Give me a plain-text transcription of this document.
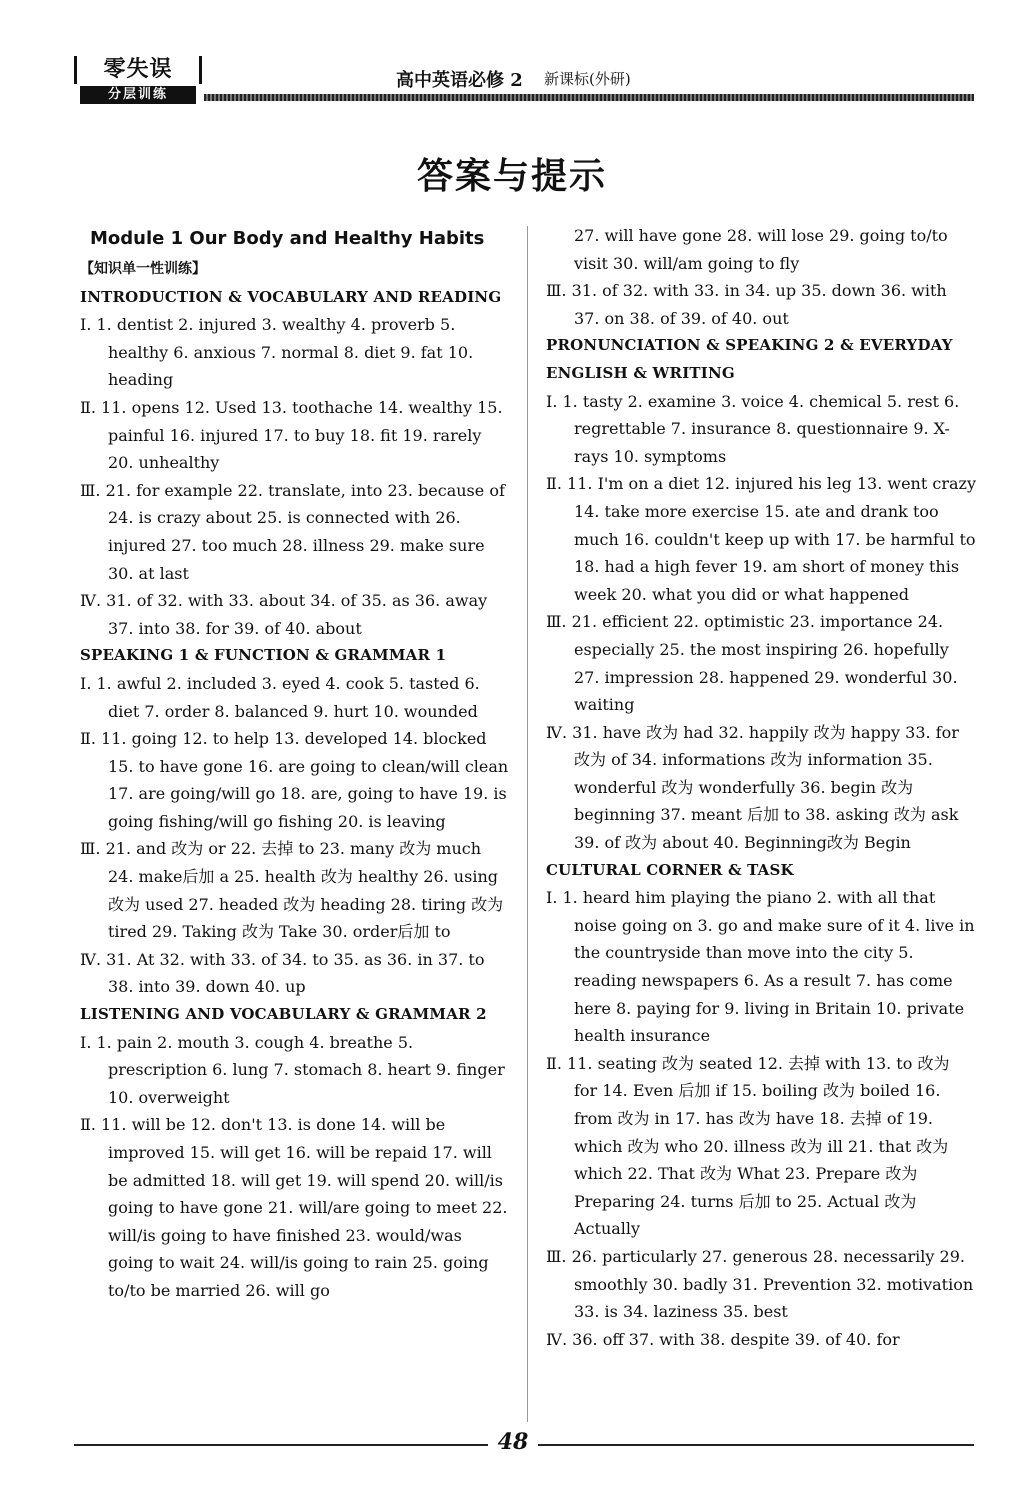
零失误
分层训练
高中英语必修 2 新课标(外研)
答案与提示
Module 1 Our Body and Healthy Habits
【知识单一性训练】
INTRODUCTION & VOCABULARY AND READING
Ⅰ. 1. dentist 2. injured 3. wealthy 4. proverb 5. healthy 6. anxious 7. normal 8. diet 9. fat 10. heading
Ⅱ. 11. opens 12. Used 13. toothache 14. wealthy 15. painful 16. injured 17. to buy 18. fit 19. rarely 20. unhealthy
Ⅲ. 21. for example 22. translate, into 23. because of 24. is crazy about 25. is connected with 26. injured 27. too much 28. illness 29. make sure 30. at last
Ⅳ. 31. of 32. with 33. about 34. of 35. as 36. away 37. into 38. for 39. of 40. about
SPEAKING 1 & FUNCTION & GRAMMAR 1
Ⅰ. 1. awful 2. included 3. eyed 4. cook 5. tasted 6. diet 7. order 8. balanced 9. hurt 10. wounded
Ⅱ. 11. going 12. to help 13. developed 14. blocked 15. to have gone 16. are going to clean/will clean 17. are going/will go 18. are, going to have 19. is going fishing/will go fishing 20. is leaving
Ⅲ. 21. and 改为 or 22. 去掉 to 23. many 改为 much 24. make后加 a 25. health 改为 healthy 26. using 改为 used 27. headed 改为 heading 28. tiring 改为 tired 29. Taking 改为 Take 30. order后加 to
Ⅳ. 31. At 32. with 33. of 34. to 35. as 36. in 37. to 38. into 39. down 40. up
LISTENING AND VOCABULARY & GRAMMAR 2
Ⅰ. 1. pain 2. mouth 3. cough 4. breathe 5. prescription 6. lung 7. stomach 8. heart 9. finger 10. overweight
Ⅱ. 11. will be 12. don't 13. is done 14. will be improved 15. will get 16. will be repaid 17. will be admitted 18. will get 19. will spend 20. will/is going to have gone 21. will/are going to meet 22. will/is going to have finished 23. would/was going to wait 24. will/is going to rain 25. going to/to be married 26. will go
27. will have gone 28. will lose 29. going to/to visit 30. will/am going to fly
Ⅲ. 31. of 32. with 33. in 34. up 35. down 36. with 37. on 38. of 39. of 40. out
PRONUNCIATION & SPEAKING 2 & EVERYDAY ENGLISH & WRITING
Ⅰ. 1. tasty 2. examine 3. voice 4. chemical 5. rest 6. regrettable 7. insurance 8. questionnaire 9. X-rays 10. symptoms
Ⅱ. 11. I'm on a diet 12. injured his leg 13. went crazy 14. take more exercise 15. ate and drank too much 16. couldn't keep up with 17. be harmful to 18. had a high fever 19. am short of money this week 20. what you did or what happened
Ⅲ. 21. efficient 22. optimistic 23. importance 24. especially 25. the most inspiring 26. hopefully 27. impression 28. happened 29. wonderful 30. waiting
Ⅳ. 31. have 改为 had 32. happily 改为 happy 33. for 改为 of 34. informations 改为 information 35. wonderful 改为 wonderfully 36. begin 改为 beginning 37. meant 后加 to 38. asking 改为 ask 39. of 改为 about 40. Beginning改为 Begin
CULTURAL CORNER & TASK
Ⅰ. 1. heard him playing the piano 2. with all that noise going on 3. go and make sure of it 4. live in the countryside than move into the city 5. reading newspapers 6. As a result 7. has come here 8. paying for 9. living in Britain 10. private health insurance
Ⅱ. 11. seating 改为 seated 12. 去掉 with 13. to 改为 for 14. Even 后加 if 15. boiling 改为 boiled 16. from 改为 in 17. has 改为 have 18. 去掉 of 19. which 改为 who 20. illness 改为 ill 21. that 改为 which 22. That 改为 What 23. Prepare 改为 Preparing 24. turns 后加 to 25. Actual 改为 Actually
Ⅲ. 26. particularly 27. generous 28. necessarily 29. smoothly 30. badly 31. Prevention 32. motivation 33. is 34. laziness 35. best
Ⅳ. 36. off 37. with 38. despite 39. of 40. for
48
